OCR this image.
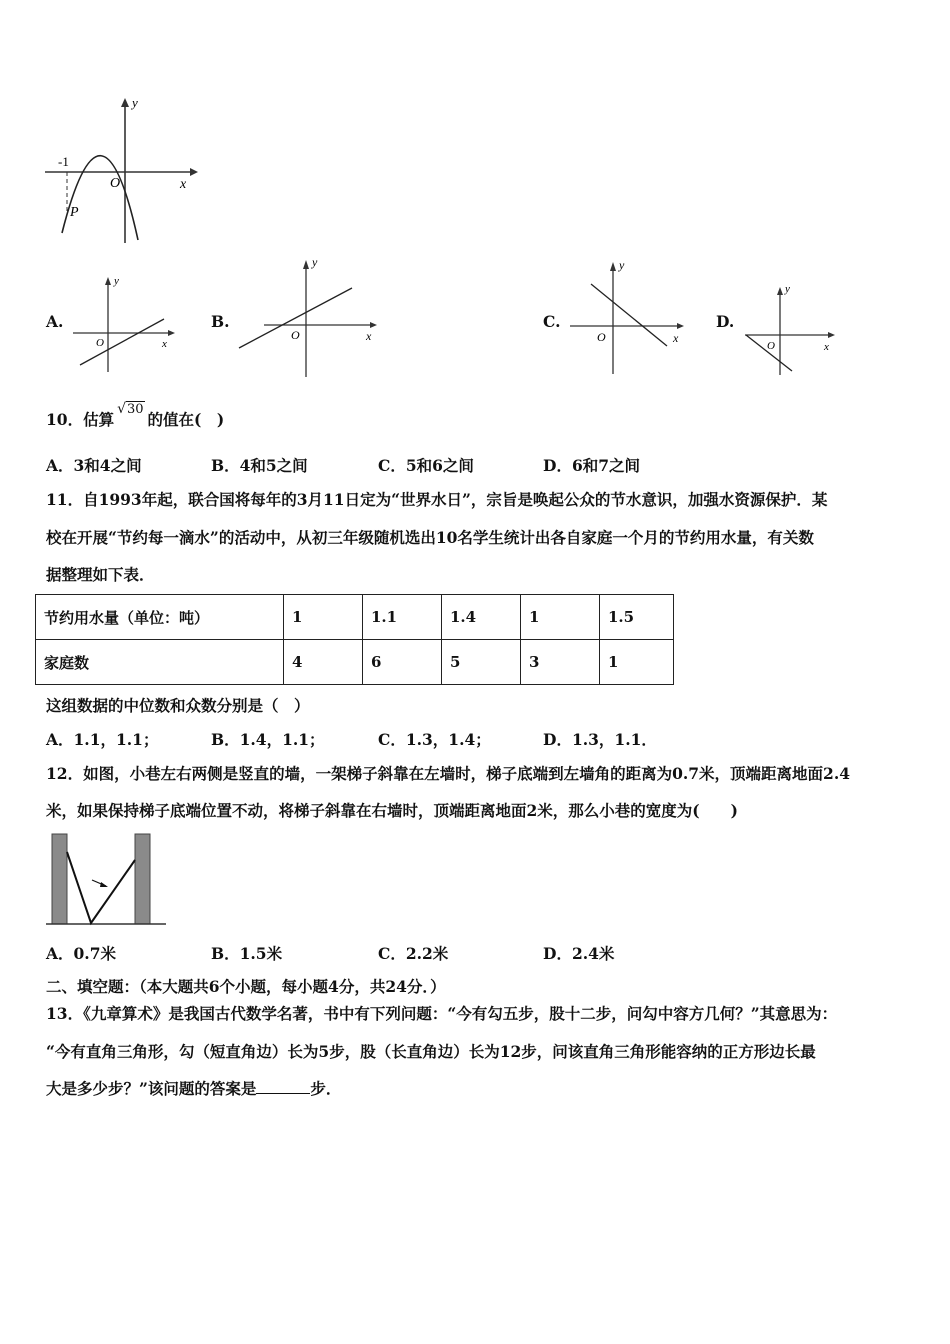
y
x
O
-1
P
A.
y
x
O
B.
y
x
O
C.
y
x
O
D.
y
x
O
10．估算√30的值在(　)
A．3和4之间	B．4和5之间	C．5和6之间	D．6和7之间
11．自1993年起，联合国将每年的3月11日定为“世界水日”，宗旨是唤起公众的节水意识，加强水资源保护．某
校在开展“节约每一滴水”的活动中，从初三年级随机选出10名学生统计出各自家庭一个月的节约用水量，有关数
据整理如下表．
节约用水量（单位：吨）	1	1.1	1.4	1	1.5
家庭数	4	6	5	3	1
这组数据的中位数和众数分别是（　）
A．1.1，1.1；	B．1.4，1.1；	C．1.3，1.4；	D．1.3，1.1．
12．如图，小巷左右两侧是竖直的墙，一架梯子斜靠在左墙时，梯子底端到左墙角的距离为0.7米，顶端距离地面2.4
米，如果保持梯子底端位置不动，将梯子斜靠在右墙时，顶端距离地面2米，那么小巷的宽度为(　　)
A．0.7米	B．1.5米	C．2.2米	D．2.4米
二、填空题：（本大题共6个小题，每小题4分，共24分．）
13．《九章算术》是我国古代数学名著，书中有下列问题：“今有勾五步，股十二步，问勾中容方几何？”其意思为：
“今有直角三角形，勾（短直角边）长为5步，股（长直角边）长为12步，问该直角三角形能容纳的正方形边长最
大是多少步？”该问题的答案是	步．
